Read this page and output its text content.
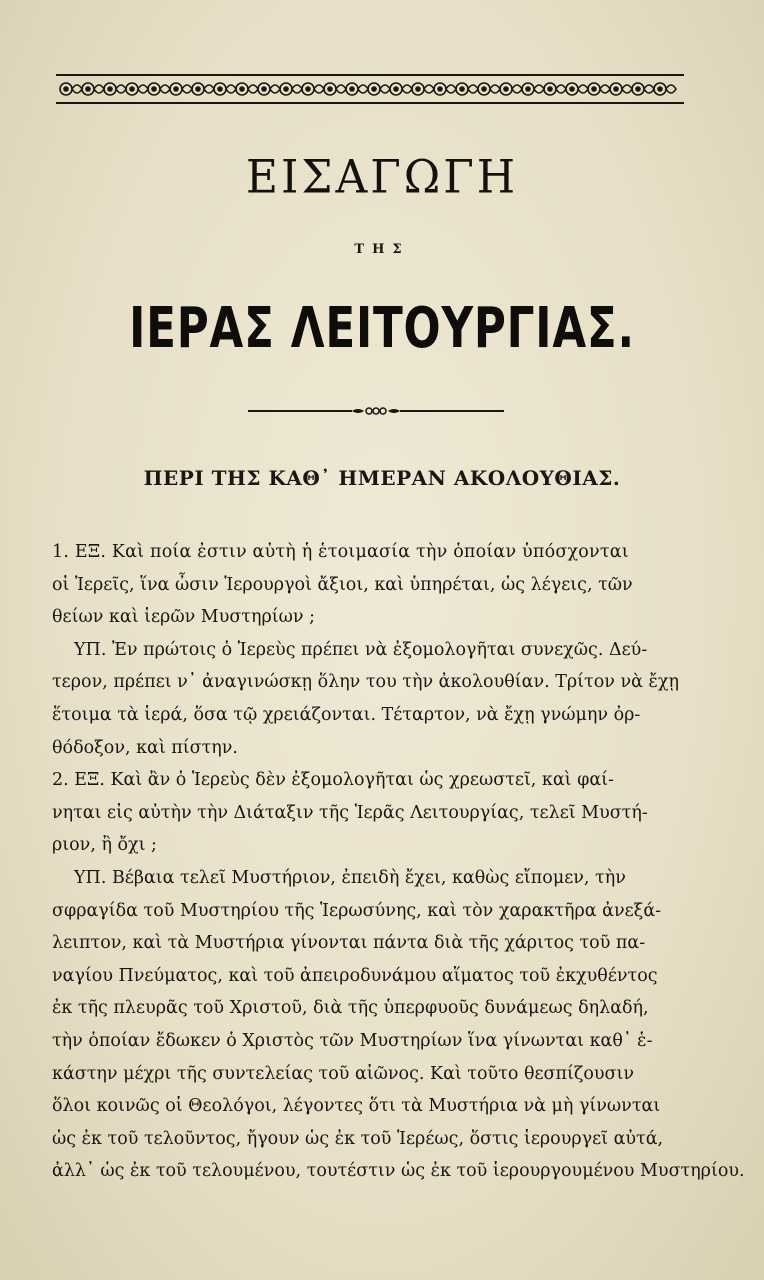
ΕΙΣΑΓΩΓΗ
ΤΗΣ
ΙΕΡΑΣ ΛΕΙΤΟΥΡΓΙΑΣ.
ΠΕΡΙ ΤΗΣ ΚΑΘ᾿ ΗΜΕΡΑΝ ΑΚΟΛΟΥΘΙΑΣ.
1. ΕΞ. Καὶ ποία ἐστιν αὐτὴ ἡ ἑτοιμασία τὴν ὁποίαν ὑπόσχονται
οἱ Ἱερεῖς, ἵνα ὦσιν Ἱερουργοὶ ἄξιοι, καὶ ὑπηρέται, ὡς λέγεις, τῶν
θείων καὶ ἱερῶν Μυστηρίων ;
ΥΠ. Ἐν πρώτοις ὁ Ἱερεὺς πρέπει νὰ ἐξομολογῆται συνεχῶς. Δεύ-
τερον, πρέπει ν᾿ ἀναγινώσκῃ ὅλην του τὴν ἀκολουθίαν. Τρίτον νὰ ἔχῃ
ἕτοιμα τὰ ἱερά, ὅσα τῷ χρειάζονται. Τέταρτον, νὰ ἔχῃ γνώμην ὀρ-
θόδοξον, καὶ πίστην.
2. ΕΞ. Καὶ ἂν ὁ Ἱερεὺς δὲν ἐξομολογῆται ὡς χρεωστεῖ, καὶ φαί-
νηται εἰς αὐτὴν τὴν Διάταξιν τῆς Ἱερᾶς Λειτουργίας, τελεῖ Μυστή-
ριον, ἢ ὄχι ;
ΥΠ. Βέβαια τελεῖ Μυστήριον, ἐπειδὴ ἔχει, καθὼς εἴπομεν, τὴν
σφραγίδα τοῦ Μυστηρίου τῆς Ἱερωσύνης, καὶ τὸν χαρακτῆρα ἀνεξά-
λειπτον, καὶ τὰ Μυστήρια γίνονται πάντα διὰ τῆς χάριτος τοῦ πα-
ναγίου Πνεύματος, καὶ τοῦ ἀπειροδυνάμου αἵματος τοῦ ἐκχυθέντος
ἐκ τῆς πλευρᾶς τοῦ Χριστοῦ, διὰ τῆς ὑπερφυοῦς δυνάμεως δηλαδή,
τὴν ὁποίαν ἔδωκεν ὁ Χριστὸς τῶν Μυστηρίων ἵνα γίνωνται καθ᾿ ἑ-
κάστην μέχρι τῆς συντελείας τοῦ αἰῶνος. Καὶ τοῦτο θεσπίζουσιν
ὅλοι κοινῶς οἱ Θεολόγοι, λέγοντες ὅτι τὰ Μυστήρια νὰ μὴ γίνωνται
ὡς ἐκ τοῦ τελοῦντος, ἤγουν ὡς ἐκ τοῦ Ἱερέως, ὅστις ἱερουργεῖ αὐτά,
ἀλλ᾿ ὡς ἐκ τοῦ τελουμένου, τουτέστιν ὡς ἐκ τοῦ ἱερουργουμένου Μυστηρίου.
